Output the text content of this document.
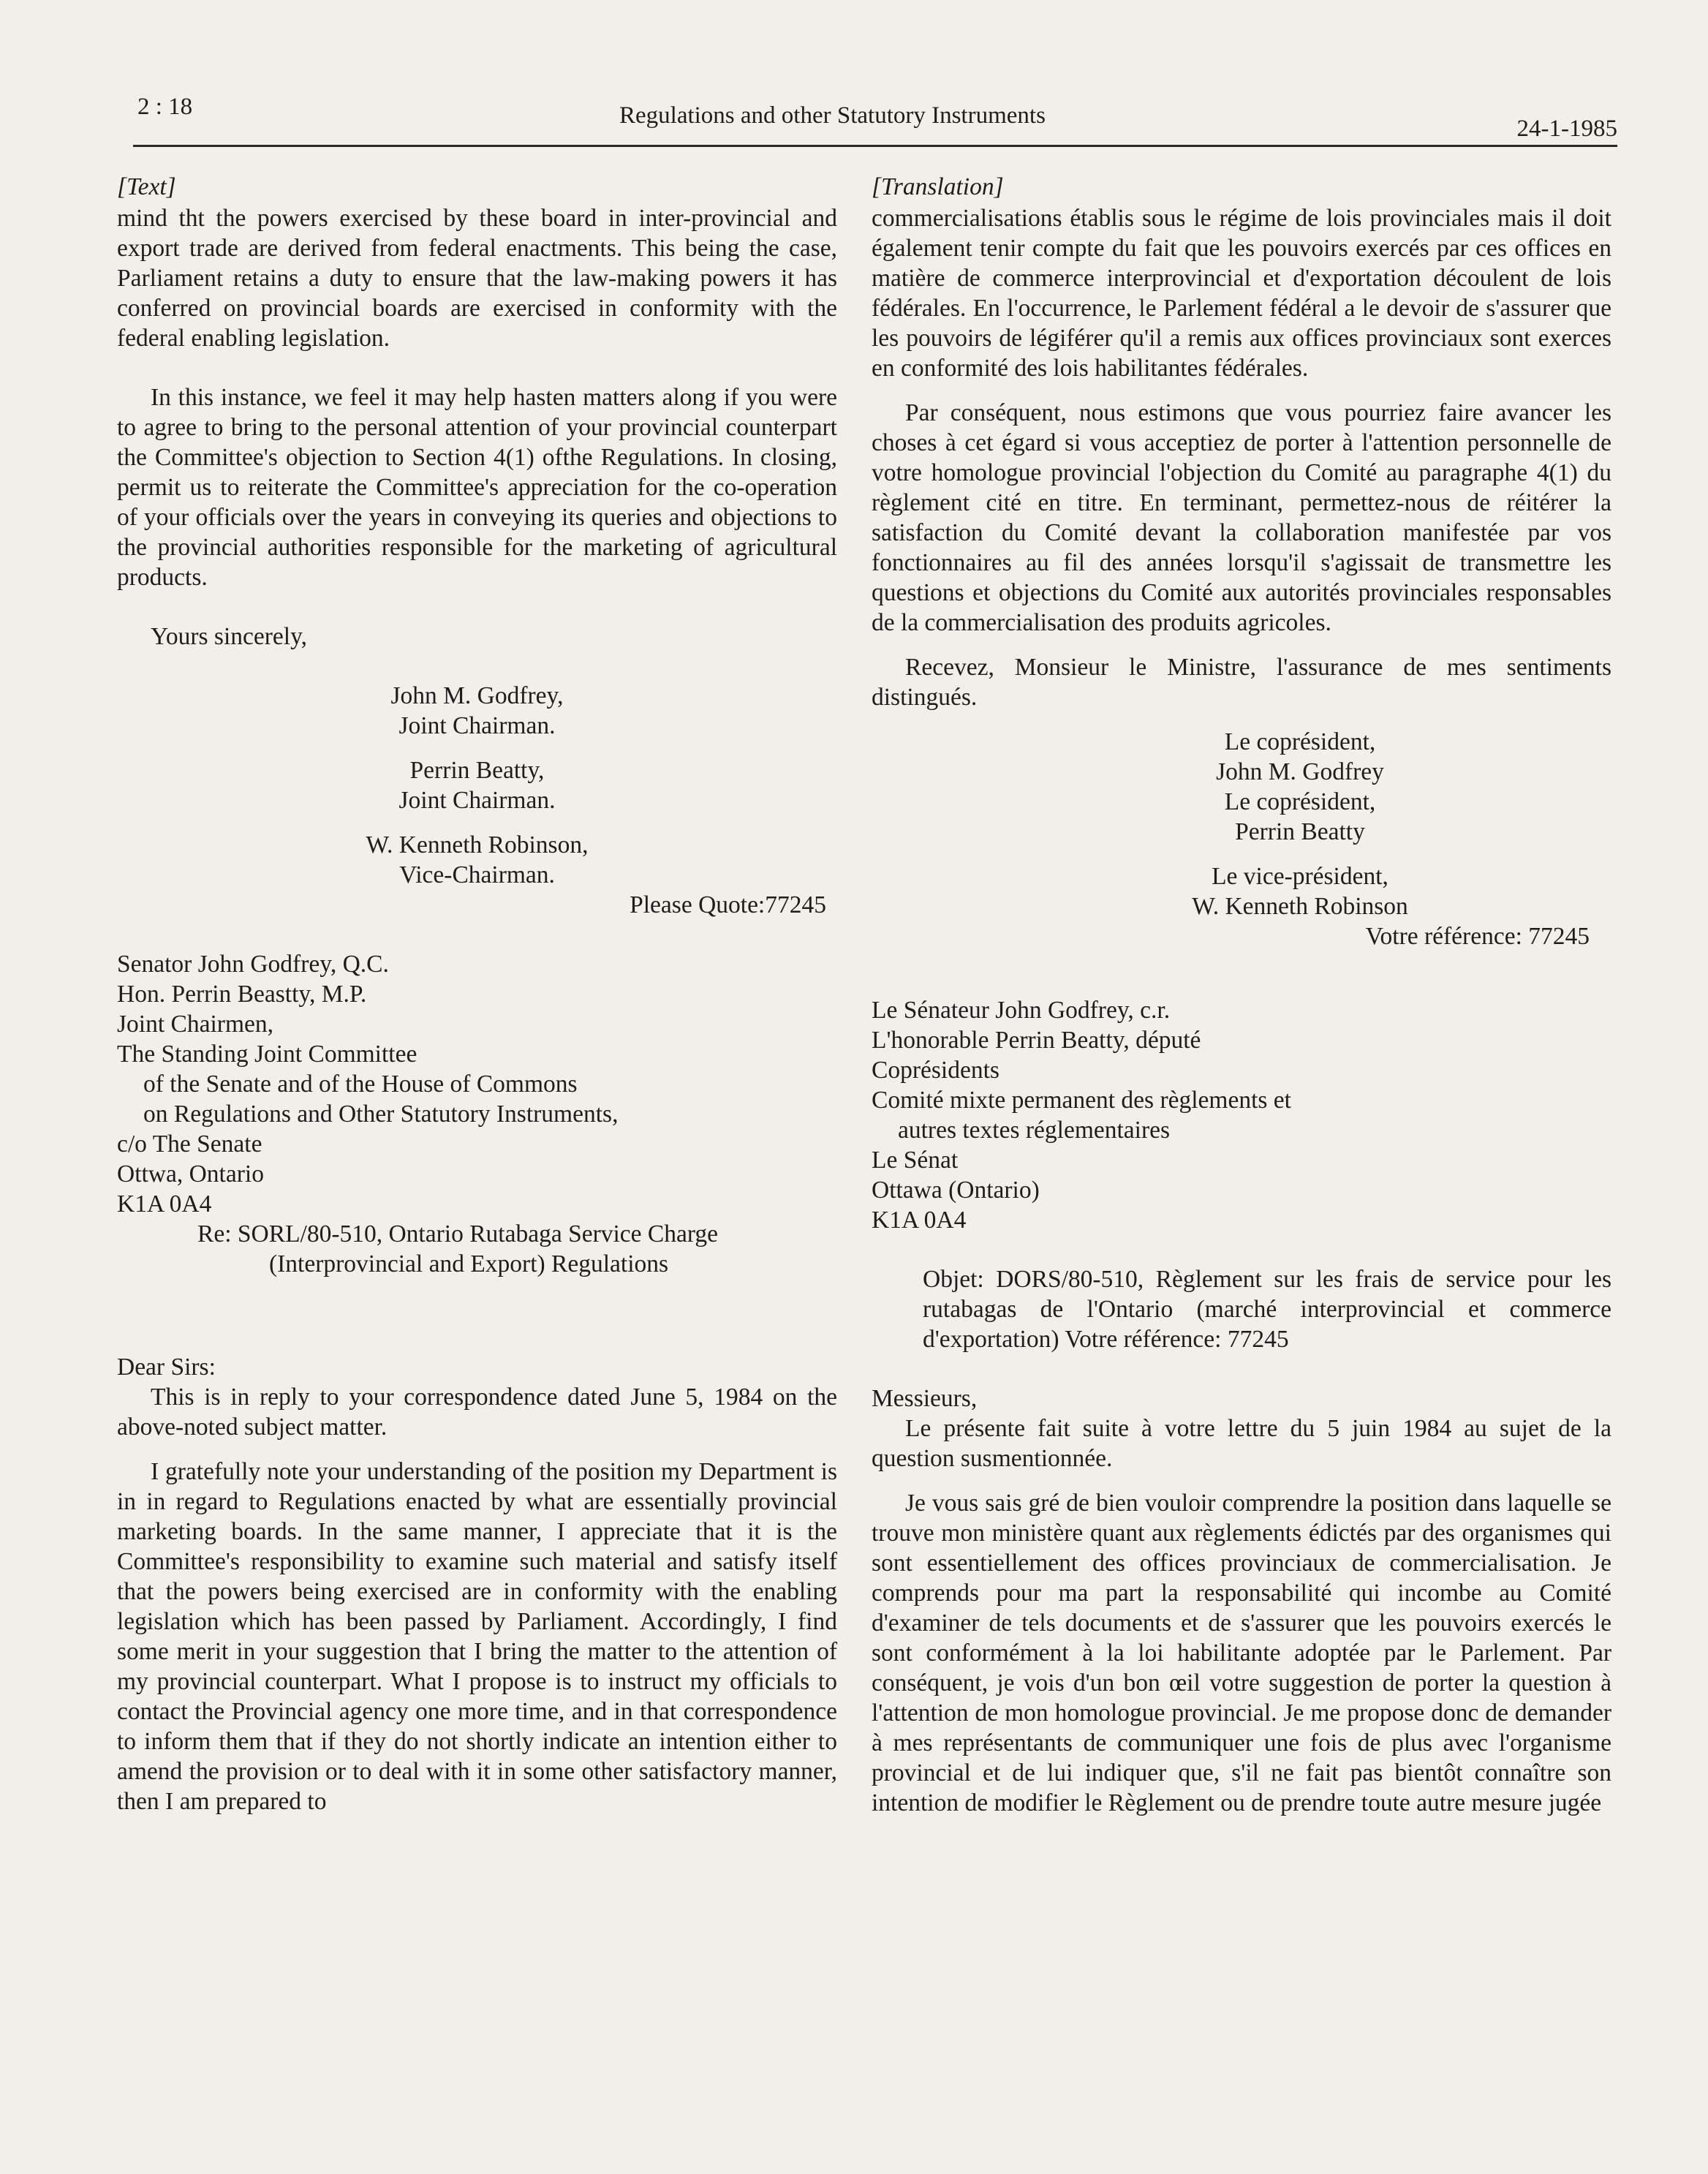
2 : 18	Regulations and other Statutory Instruments	24-1-1985

[Text]

mind tht the powers exercised by these board in inter-provincial and export trade are derived from federal enactments. This being the case, Parliament retains a duty to ensure that the law-making powers it has conferred on provincial boards are exercised in conformity with the federal enabling legislation.

In this instance, we feel it may help hasten matters along if you were to agree to bring to the personal attention of your provincial counterpart the Committee's objection to Section 4(1) ofthe Regulations. In closing, permit us to reiterate the Committee's appreciation for the co-operation of your officials over the years in conveying its queries and objections to the provincial authorities responsible for the marketing of agricultural products.

Yours sincerely,

John M. Godfrey,

Joint Chairman.

Perrin Beatty,

Joint Chairman.

W. Kenneth Robinson,

Vice-Chairman.

Please Quote:77245

Senator John Godfrey, Q.C.

Hon. Perrin Beastty, M.P.

Joint Chairmen,

The Standing Joint Committee

of the Senate and of the House of Commons

on Regulations and Other Statutory Instruments,

c/o The Senate

Ottwa, Ontario

K1A 0A4

Re: SORL/80-510, Ontario Rutabaga Service Charge

(Interprovincial and Export) Regulations

Dear Sirs:

This is in reply to your correspondence dated June 5, 1984 on the above-noted subject matter.

I gratefully note your understanding of the position my Department is in in regard to Regulations enacted by what are essentially provincial marketing boards. In the same manner, I appreciate that it is the Committee's responsibility to examine such material and satisfy itself that the powers being exercised are in conformity with the enabling legislation which has been passed by Parliament. Accordingly, I find some merit in your suggestion that I bring the matter to the attention of my provincial counterpart. What I propose is to instruct my officials to contact the Provincial agency one more time, and in that correspondence to inform them that if they do not shortly indicate an intention either to amend the provision or to deal with it in some other satisfactory manner, then I am prepared to

[Translation]

commercialisations établis sous le régime de lois provinciales mais il doit également tenir compte du fait que les pouvoirs exercés par ces offices en matière de commerce interprovincial et d'exportation découlent de lois fédérales. En l'occurrence, le Parlement fédéral a le devoir de s'assurer que les pouvoirs de légiférer qu'il a remis aux offices provinciaux sont exerces en conformité des lois habilitantes fédérales.

Par conséquent, nous estimons que vous pourriez faire avancer les choses à cet égard si vous acceptiez de porter à l'attention personnelle de votre homologue provincial l'objection du Comité au paragraphe 4(1) du règlement cité en titre. En terminant, permettez-nous de réitérer la satisfaction du Comité devant la collaboration manifestée par vos fonctionnaires au fil des années lorsqu'il s'agissait de transmettre les questions et objections du Comité aux autorités provinciales responsables de la commercialisation des produits agricoles.

Recevez, Monsieur le Ministre, l'assurance de mes sentiments distingués.

Le coprésident,

John M. Godfrey

Le coprésident,

Perrin Beatty

Le vice-président,

W. Kenneth Robinson

Votre référence: 77245

Le Sénateur John Godfrey, c.r.

L'honorable Perrin Beatty, député

Coprésidents

Comité mixte permanent des règlements et

autres textes réglementaires

Le Sénat

Ottawa (Ontario)

K1A 0A4

Objet: DORS/80-510, Règlement sur les frais de service pour les rutabagas de l'Ontario (marché interprovincial et commerce d'exportation) Votre référence: 77245

Messieurs,

Le présente fait suite à votre lettre du 5 juin 1984 au sujet de la question susmentionnée.

Je vous sais gré de bien vouloir comprendre la position dans laquelle se trouve mon ministère quant aux règlements édictés par des organismes qui sont essentiellement des offices provinciaux de commercialisation. Je comprends pour ma part la responsabilité qui incombe au Comité d'examiner de tels documents et de s'assurer que les pouvoirs exercés le sont conformément à la loi habilitante adoptée par le Parlement. Par conséquent, je vois d'un bon œil votre suggestion de porter la question à l'attention de mon homologue provincial. Je me propose donc de demander à mes représentants de communiquer une fois de plus avec l'organisme provincial et de lui indiquer que, s'il ne fait pas bientôt connaître son intention de modifier le Règlement ou de prendre toute autre mesure jugée
